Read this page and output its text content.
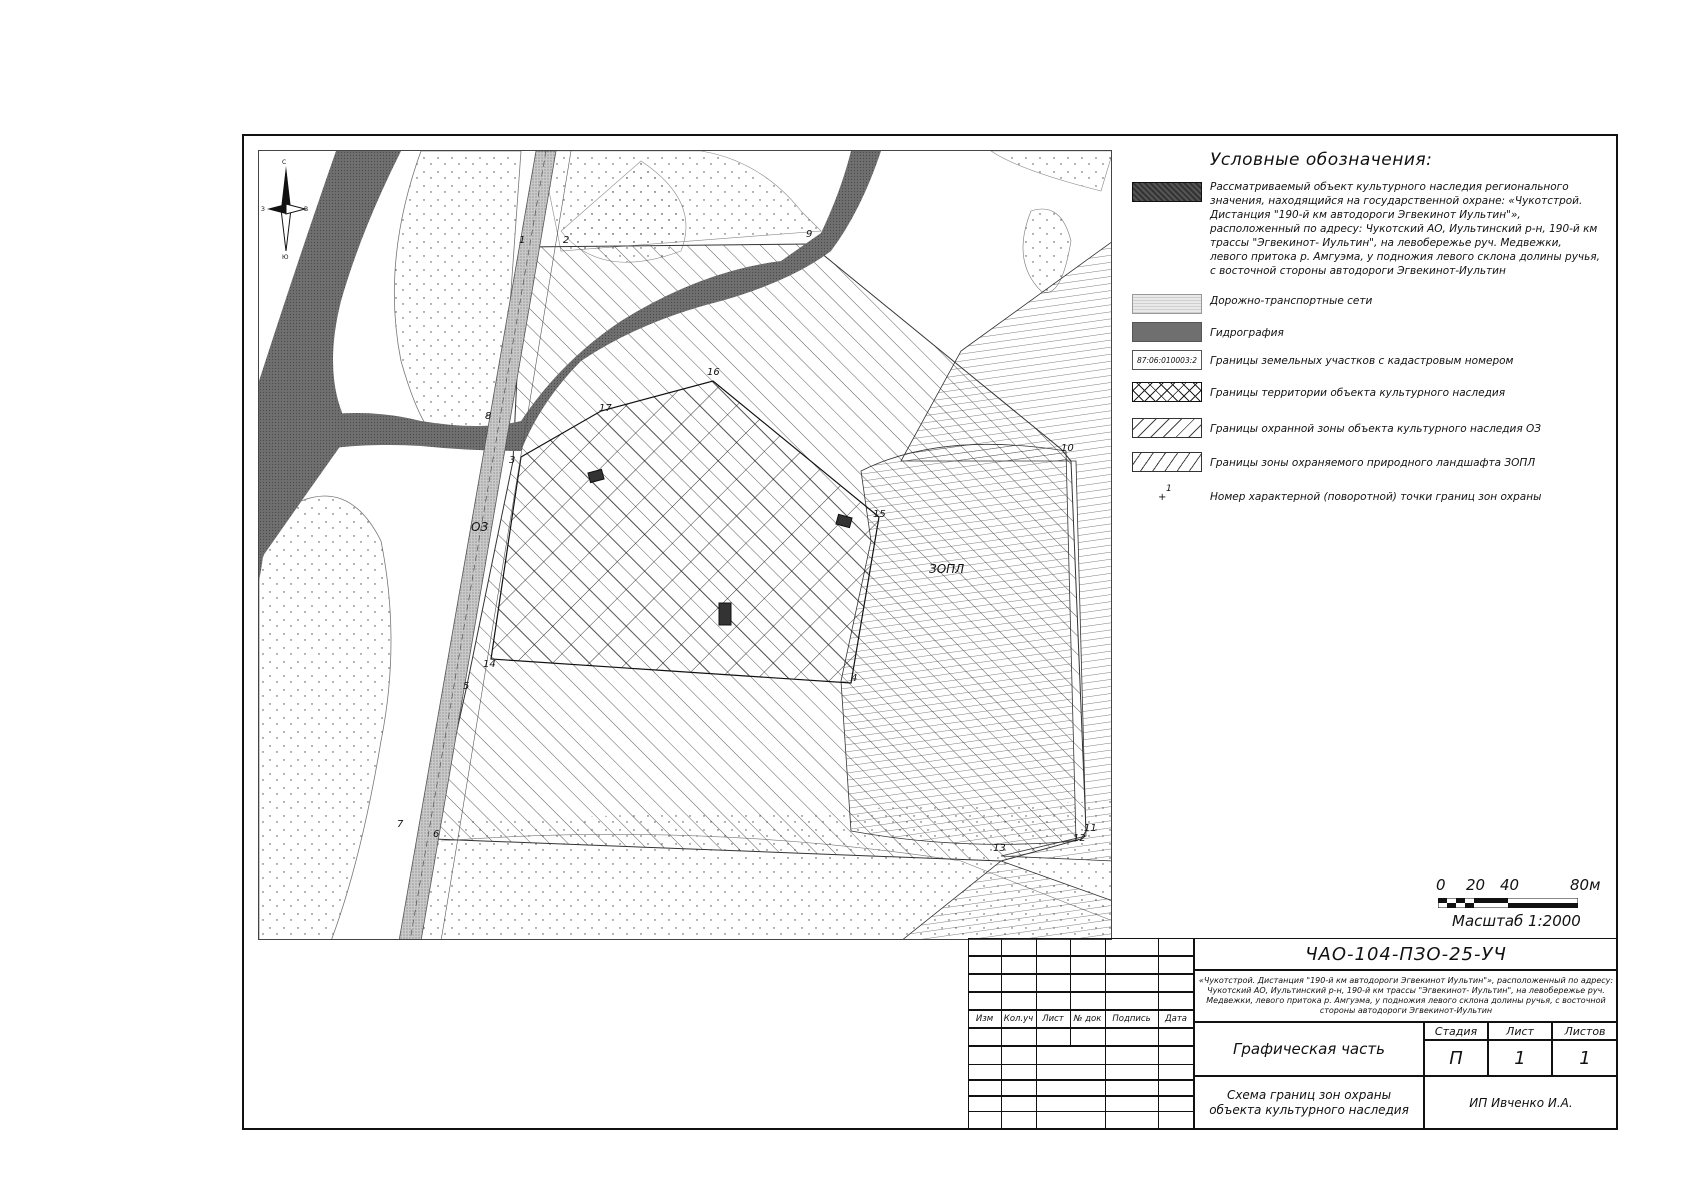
1	2
3
4
5
6
7
8
9
10
11
12
13
14
15
16
17
ОЗ
ЗОПЛ
С
Ю
З	В
Условные обозначения:
Рассматриваемый объект культурного наследия регионального значения, находящийся на государственной охране: «Чукотстрой. Дистанция "190-й км автодороги Эгвекинот Иультин"», расположенный по адресу: Чукотский АО, Иультинский р-н, 190-й км трассы "Эгвекинот- Иультин", на левобережье руч. Медвежки, левого притока р. Амгуэма, у подножия левого склона долины ручья, с восточной стороны автодороги Эгвекинот-Иультин
Дорожно-транспортные сети
Гидрография
87:06:010003:2	Границы земельных участков с кадастровым номером
Границы территории объекта культурного наследия
Границы охранной зоны объекта культурного наследия ОЗ
Границы зоны охраняемого природного ландшафта ЗОПЛ
+
1
Номер характерной (поворотной) точки границ зон охраны
0 20 40	80м
Масштаб 1:2000
Изм	Кол.уч	Лист	№ док	Подпись	Дата
ЧАО-104-ПЗО-25-УЧ
«Чукотстрой. Дистанция "190-й км автодороги Эгвекинот Иультин"», расположенный по адресу: Чукотский АО, Иультинский р-н, 190-й км трассы "Эгвекинот- Иультин", на левобережье руч. Медвежки, левого притока р. Амгуэма, у подножия левого склона долины ручья, с восточной стороны автодороги Эгвекинот-Иультин
Графическая часть
Стадия	Лист	Листов
П	1	1
Схема границ зон охраны объекта культурного наследия	ИП Ивченко И.А.
